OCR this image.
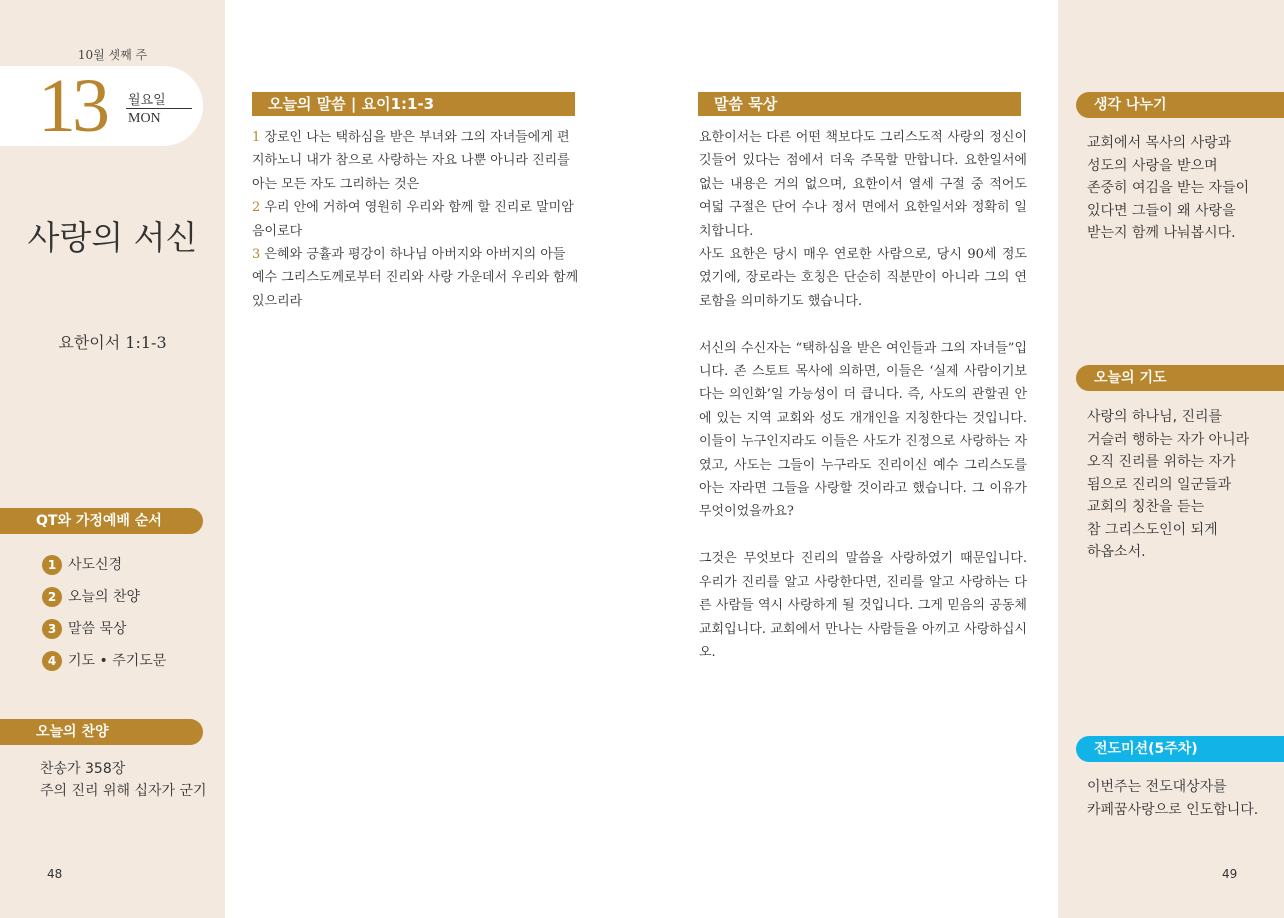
10월 셋째 주
13 월요일
MON
사랑의 서신
요한이서 1:1-3
QT와 가정예배 순서
1 사도신경
2 오늘의 찬양
3 말씀 묵상
4 기도 • 주기도문
오늘의 찬양
찬송가 358장
주의 진리 위해 십자가 군기
48
오늘의 말씀 | 요이1:1-3
1 장로인 나는 택하심을 받은 부녀와 그의 자녀들에게 편지하노니 내가 참으로 사랑하는 자요 나뿐 아니라 진리를 아는 모든 자도 그리하는 것은
2 우리 안에 거하여 영원히 우리와 함께 할 진리로 말미암음이로다
3 은혜와 긍휼과 평강이 하나님 아버지와 아버지의 아들 예수 그리스도께로부터 진리와 사랑 가운데서 우리와 함께 있으리라
말씀 묵상

요한이서는 다른 어떤 책보다도 그리스도적 사랑의 정신이 깃들어 있다는 점에서 더욱 주목할 만합니다. 요한일서에 없는 내용은 거의 없으며, 요한이서 열세 구절 중 적어도 여덟 구절은 단어 수나 정서 면에서 요한일서와 정확히 일치합니다.
사도 요한은 당시 매우 연로한 사람으로, 당시 90세 정도였기에, 장로라는 호칭은 단순히 직분만이 아니라 그의 연로함을 의미하기도 했습니다.

서신의 수신자는 “택하심을 받은 여인들과 그의 자녀들”입니다. 존 스토트 목사에 의하면, 이들은 ‘실제 사람이기보다는 의인화’일 가능성이 더 큽니다. 즉, 사도의 관할권 안에 있는 지역 교회와 성도 개개인을 지칭한다는 것입니다. 이들이 누구인지라도 이들은 사도가 진정으로 사랑하는 자였고, 사도는 그들이 누구라도 진리이신 예수 그리스도를 아는 자라면 그들을 사랑할 것이라고 했습니다. 그 이유가 무엇이었을까요?

그것은 무엇보다 진리의 말씀을 사랑하였기 때문입니다. 우리가 진리를 알고 사랑한다면, 진리를 알고 사랑하는 다른 사람들 역시 사랑하게 될 것입니다. 그게 믿음의 공동체 교회입니다. 교회에서 만나는 사람들을 아끼고 사랑하십시오.

생각 나누기
교회에서 목사의 사랑과
성도의 사랑을 받으며
존중히 여김을 받는 자들이
있다면 그들이 왜 사랑을
받는지 함께 나눠봅시다.
오늘의 기도
사랑의 하나님, 진리를
거슬러 행하는 자가 아니라
오직 진리를 위하는 자가
됨으로 진리의 일군들과
교회의 칭찬을 듣는
참 그리스도인이 되게
하옵소서.
전도미션(5주차)
이번주는 전도대상자를
카페꿈사랑으로 인도합니다.
49
